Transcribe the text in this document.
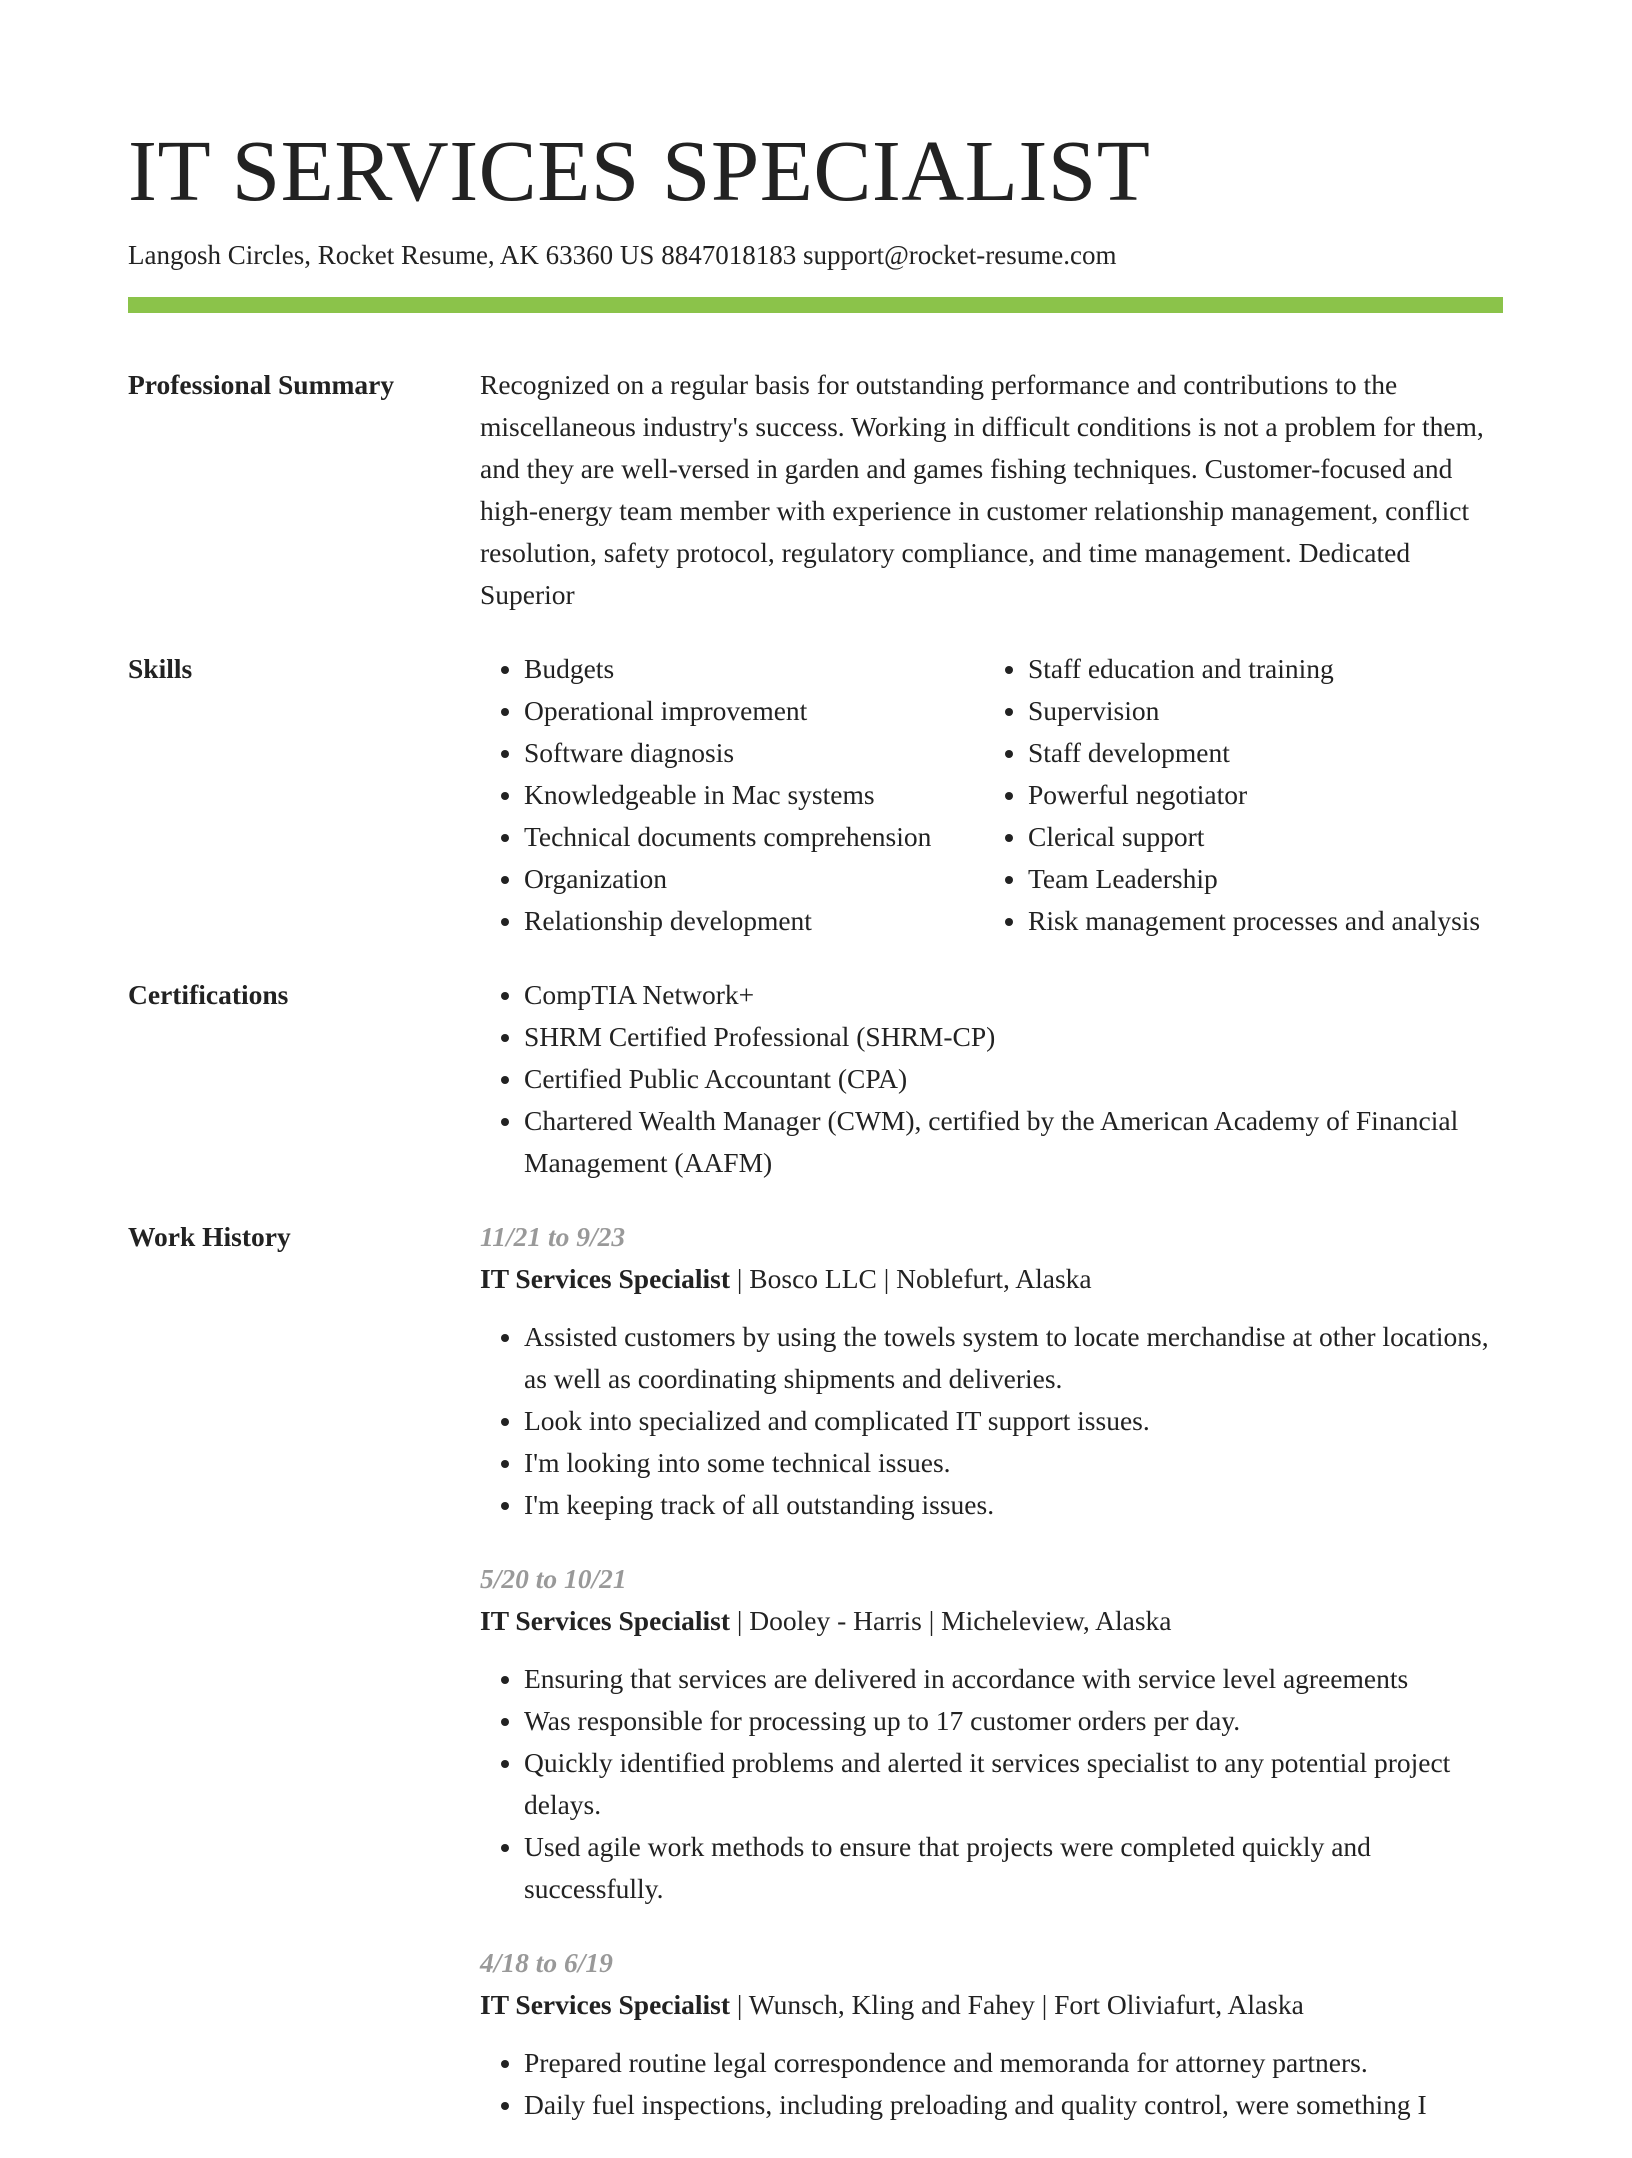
IT SERVICES SPECIALIST
Langosh Circles, Rocket Resume, AK 63360 US 8847018183 support@rocket-resume.com
Professional Summary	Recognized on a regular basis for outstanding performance and contributions to the miscellaneous industry's success. Working in difficult conditions is not a problem for them, and they are well-versed in garden and games fishing techniques. Customer-focused and high-energy team member with experience in customer relationship management, conflict resolution, safety protocol, regulatory compliance, and time management. Dedicated Superior
Skills	• Budgets
• Operational improvement
• Software diagnosis
• Knowledgeable in Mac systems
• Technical documents comprehension
• Organization
• Relationship development
• Staff education and training
• Supervision
• Staff development
• Powerful negotiator
• Clerical support
• Team Leadership
• Risk management processes and analysis
Certifications	• CompTIA Network+
• SHRM Certified Professional (SHRM-CP)
• Certified Public Accountant (CPA)
• Chartered Wealth Manager (CWM), certified by the American Academy of Financial Management (AAFM)
Work History	11/21 to 9/23
IT Services Specialist | Bosco LLC | Noblefurt, Alaska
• Assisted customers by using the towels system to locate merchandise at other locations, as well as coordinating shipments and deliveries.
• Look into specialized and complicated IT support issues.
• I'm looking into some technical issues.
• I'm keeping track of all outstanding issues.
5/20 to 10/21
IT Services Specialist | Dooley - Harris | Micheleview, Alaska
• Ensuring that services are delivered in accordance with service level agreements
• Was responsible for processing up to 17 customer orders per day.
• Quickly identified problems and alerted it services specialist to any potential project delays.
• Used agile work methods to ensure that projects were completed quickly and successfully.
4/18 to 6/19
IT Services Specialist | Wunsch, Kling and Fahey | Fort Oliviafurt, Alaska
• Prepared routine legal correspondence and memoranda for attorney partners.
• Daily fuel inspections, including preloading and quality control, were something I
